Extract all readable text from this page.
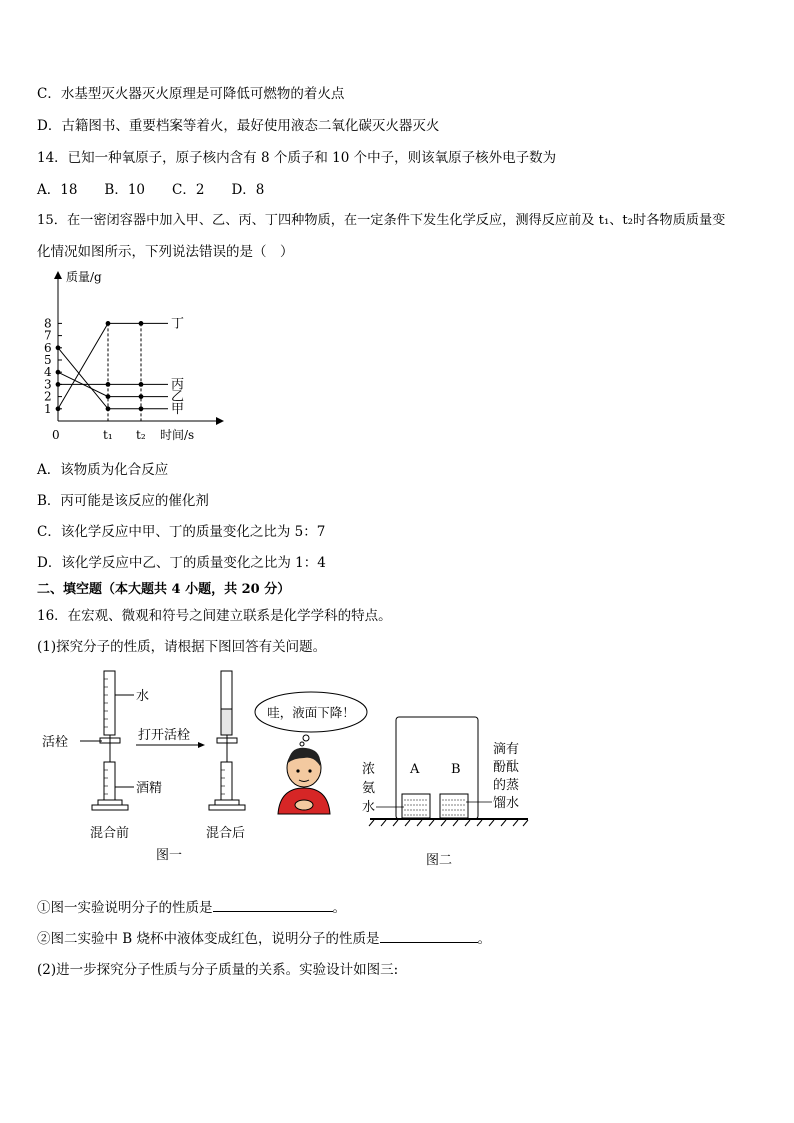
C．水基型灭火器灭火原理是可降低可燃物的着火点
D．古籍图书、重要档案等着火，最好使用液态二氧化碳灭火器灭火
14．已知一种氧原子，原子核内含有 8 个质子和 10 个中子，则该氧原子核外电子数为
A．18　　B．10　　C．2　　D．8
15．在一密闭容器中加入甲、乙、丙、丁四种物质，在一定条件下发生化学反应，测得反应前及 t₁、t₂时各物质质量变
化情况如图所示，下列说法错误的是（　）
质量/g
时间/s
0
1
2
3
4
5
6
7
8
t₁ t₂
丁
丙
乙
甲
A．该物质为化合反应
B．丙可能是该反应的催化剂
C．该化学反应中甲、丁的质量变化之比为 5：7
D．该化学反应中乙、丁的质量变化之比为 1：4
二、填空题（本大题共 4 小题，共 20 分）
16．在宏观、微观和符号之间建立联系是化学学科的特点。
(1)探究分子的性质，请根据下图回答有关问题。
水
活栓
酒精
混合前
打开活栓
混合后
图一
哇，液面下降！
A B
浓
氨
水
滴有
酚酞
的蒸
馏水
图二
①图一实验说明分子的性质是	。
②图二实验中 B 烧杯中液体变成红色，说明分子的性质是	。
(2)进一步探究分子性质与分子质量的关系。实验设计如图三:
